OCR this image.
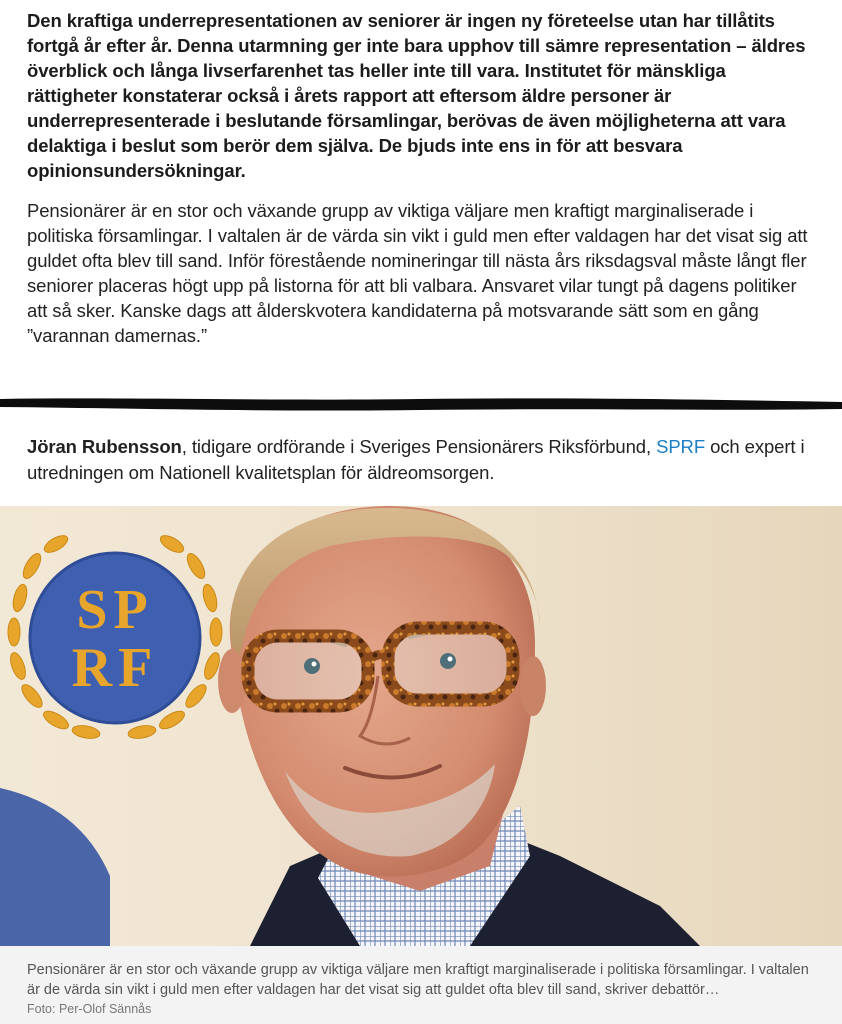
Den kraftiga underrepresentationen av seniorer är ingen ny företeelse utan har tillåtits fortgå år efter år. Denna utarmning ger inte bara upphov till sämre representation – äldres överblick och långa livserfarenhet tas heller inte till vara. Institutet för mänskliga rättigheter konstaterar också i årets rapport att eftersom äldre personer är underrepresenterade i beslutande församlingar, berövas de även möjligheterna att vara delaktiga i beslut som berör dem själva. De bjuds inte ens in för att besvara opinionsundersökningar.

Pensionärer är en stor och växande grupp av viktiga väljare men kraftigt marginaliserade i politiska församlingar. I valtalen är de värda sin vikt i guld men efter valdagen har det visat sig att guldet ofta blev till sand. Inför förestående nomineringar till nästa års riksdagsval måste långt fler seniorer placeras högt upp på listorna för att bli valbara. Ansvaret vilar tungt på dagens politiker att så sker. Kanske dags att ålderskvotera kandidaterna på motsvarande sätt som en gång ”varannan damernas.”

Jöran Rubensson, tidigare ordförande i Sveriges Pensionärers Riksförbund, SPRF och expert i utredningen om Nationell kvalitetsplan för äldreomsorgen.

SP
RF

Pensionärer är en stor och växande grupp av viktiga väljare men kraftigt marginaliserade i politiska församlingar. I valtalen är de värda sin vikt i guld men efter valdagen har det visat sig att guldet ofta blev till sand, skriver debattör…

Foto: Per-Olof Sännås
